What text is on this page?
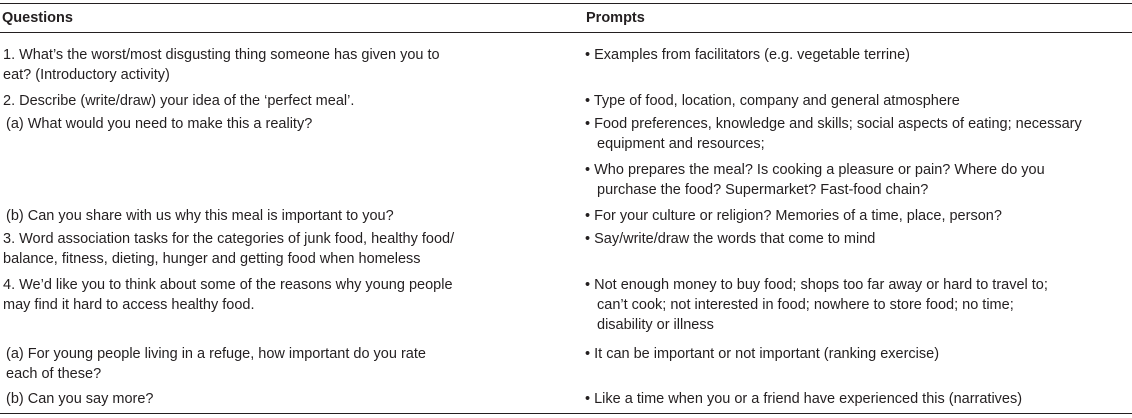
Questions	Prompts
1. What’s the worst/most disgusting thing someone has given you to
eat? (Introductory activity)
2. Describe (write/draw) your idea of the ‘perfect meal’.
(a) What would you need to make this a reality?
(b) Can you share with us why this meal is important to you?
3. Word association tasks for the categories of junk food, healthy food/
balance, fitness, dieting, hunger and getting food when homeless
4. We’d like you to think about some of the reasons why young people
may find it hard to access healthy food.
(a) For young people living in a refuge, how important do you rate
each of these?
(b) Can you say more?
• Examples from facilitators (e.g. vegetable terrine)
• Type of food, location, company and general atmosphere
• Food preferences, knowledge and skills; social aspects of eating; necessary
equipment and resources;
• Who prepares the meal? Is cooking a pleasure or pain? Where do you
purchase the food? Supermarket? Fast-food chain?
• For your culture or religion? Memories of a time, place, person?
• Say/write/draw the words that come to mind
• Not enough money to buy food; shops too far away or hard to travel to;
can’t cook; not interested in food; nowhere to store food; no time;
disability or illness
• It can be important or not important (ranking exercise)
• Like a time when you or a friend have experienced this (narratives)
